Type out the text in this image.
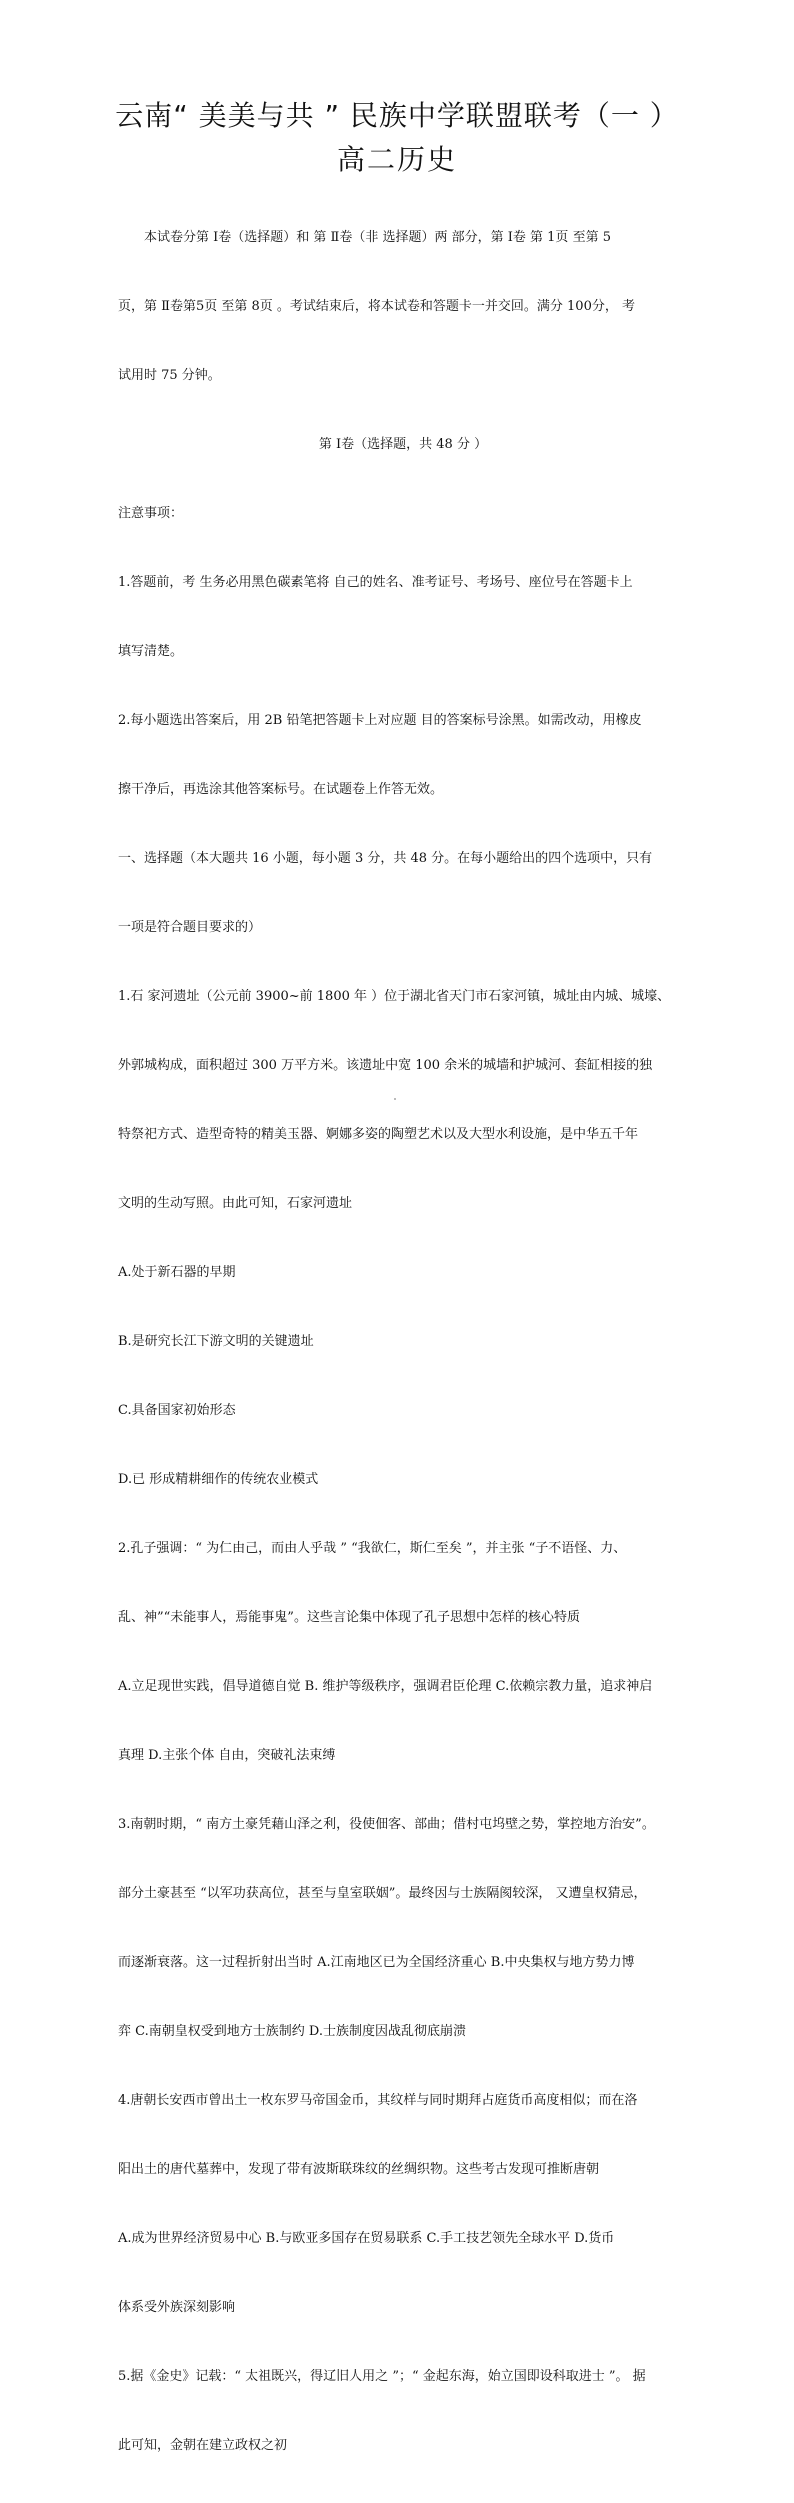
云南“ 美美与共 ” 民族中学联盟联考（一 ）
高二历史

本试卷分第 Ⅰ卷（选择题）和 第 Ⅱ卷（非 选择题）两 部分，第 Ⅰ卷 第 1页 至第 5

页，第 Ⅱ卷第5页 至第 8页 。考试结束后，将本试卷和答题卡一并交回。满分 100分， 考

试用时 75 分钟。

第 Ⅰ卷（选择题，共 48 分 ）

注意事项：

1.答题前，考 生务必用黑色碳素笔将 自己的姓名、准考证号、考场号、座位号在答题卡上

填写清楚。

2.每小题选出答案后，用 2B 铅笔把答题卡上对应题 目的答案标号涂黑。如需改动，用橡皮

擦干净后，再选涂其他答案标号。在试题卷上作答无效。

一、选择题（本大题共 16 小题，每小题 3 分，共 48 分。在每小题给出的四个选项中，只有

一项是符合题目要求的）

1.石 家河遗址（公元前 3900~前 1800 年 ）位于湖北省天门市石家河镇，城址由内城、城壕、

外郭城构成，面积超过 300 万平方米。该遗址中宽 100 余米的城墙和护城河、套缸相接的独

特祭祀方式、造型奇特的精美玉器、婀娜多姿的陶塑艺术以及大型水利设施，是中华五千年

文明的生动写照。由此可知，石家河遗址

A.处于新石器的早期

B.是研究长江下游文明的关键遗址

C.具备国家初始形态

D.已 形成精耕细作的传统农业模式

2.孔子强调：“ 为仁由己，而由人乎哉 ” “我欲仁，斯仁至矣 ”，并主张 “子不语怪、力、

乱、神”“未能事人，焉能事鬼”。这些言论集中体现了孔子思想中怎样的核心特质

A.立足现世实践，倡导道德自觉 B. 维护等级秩序，强调君臣伦理 C.依赖宗教力量，追求神启

真理 D.主张个体 自由，突破礼法束缚

3.南朝时期，“ 南方土豪凭藉山泽之利，役使佃客、部曲；借村屯坞壁之势，掌控地方治安”。

部分土豪甚至 “以军功获高位，甚至与皇室联姻”。最终因与士族隔阂较深， 又遭皇权猜忌，

而逐渐衰落。这一过程折射出当时 A.江南地区已为全国经济重心 B.中央集权与地方势力博

弈 C.南朝皇权受到地方士族制约 D.士族制度因战乱彻底崩溃

4.唐朝长安西市曾出土一枚东罗马帝国金币，其纹样与同时期拜占庭货币高度相似；而在洛

阳出土的唐代墓葬中，发现了带有波斯联珠纹的丝绸织物。这些考古发现可推断唐朝

A.成为世界经济贸易中心 B.与欧亚多国存在贸易联系 C.手工技艺领先全球水平 D.货币

体系受外族深刻影响

5.据《金史》记载：“ 太祖既兴，得辽旧人用之 ”；“ 金起东海，始立国即设科取进士 ”。 据

此可知，金朝在建立政权之初
